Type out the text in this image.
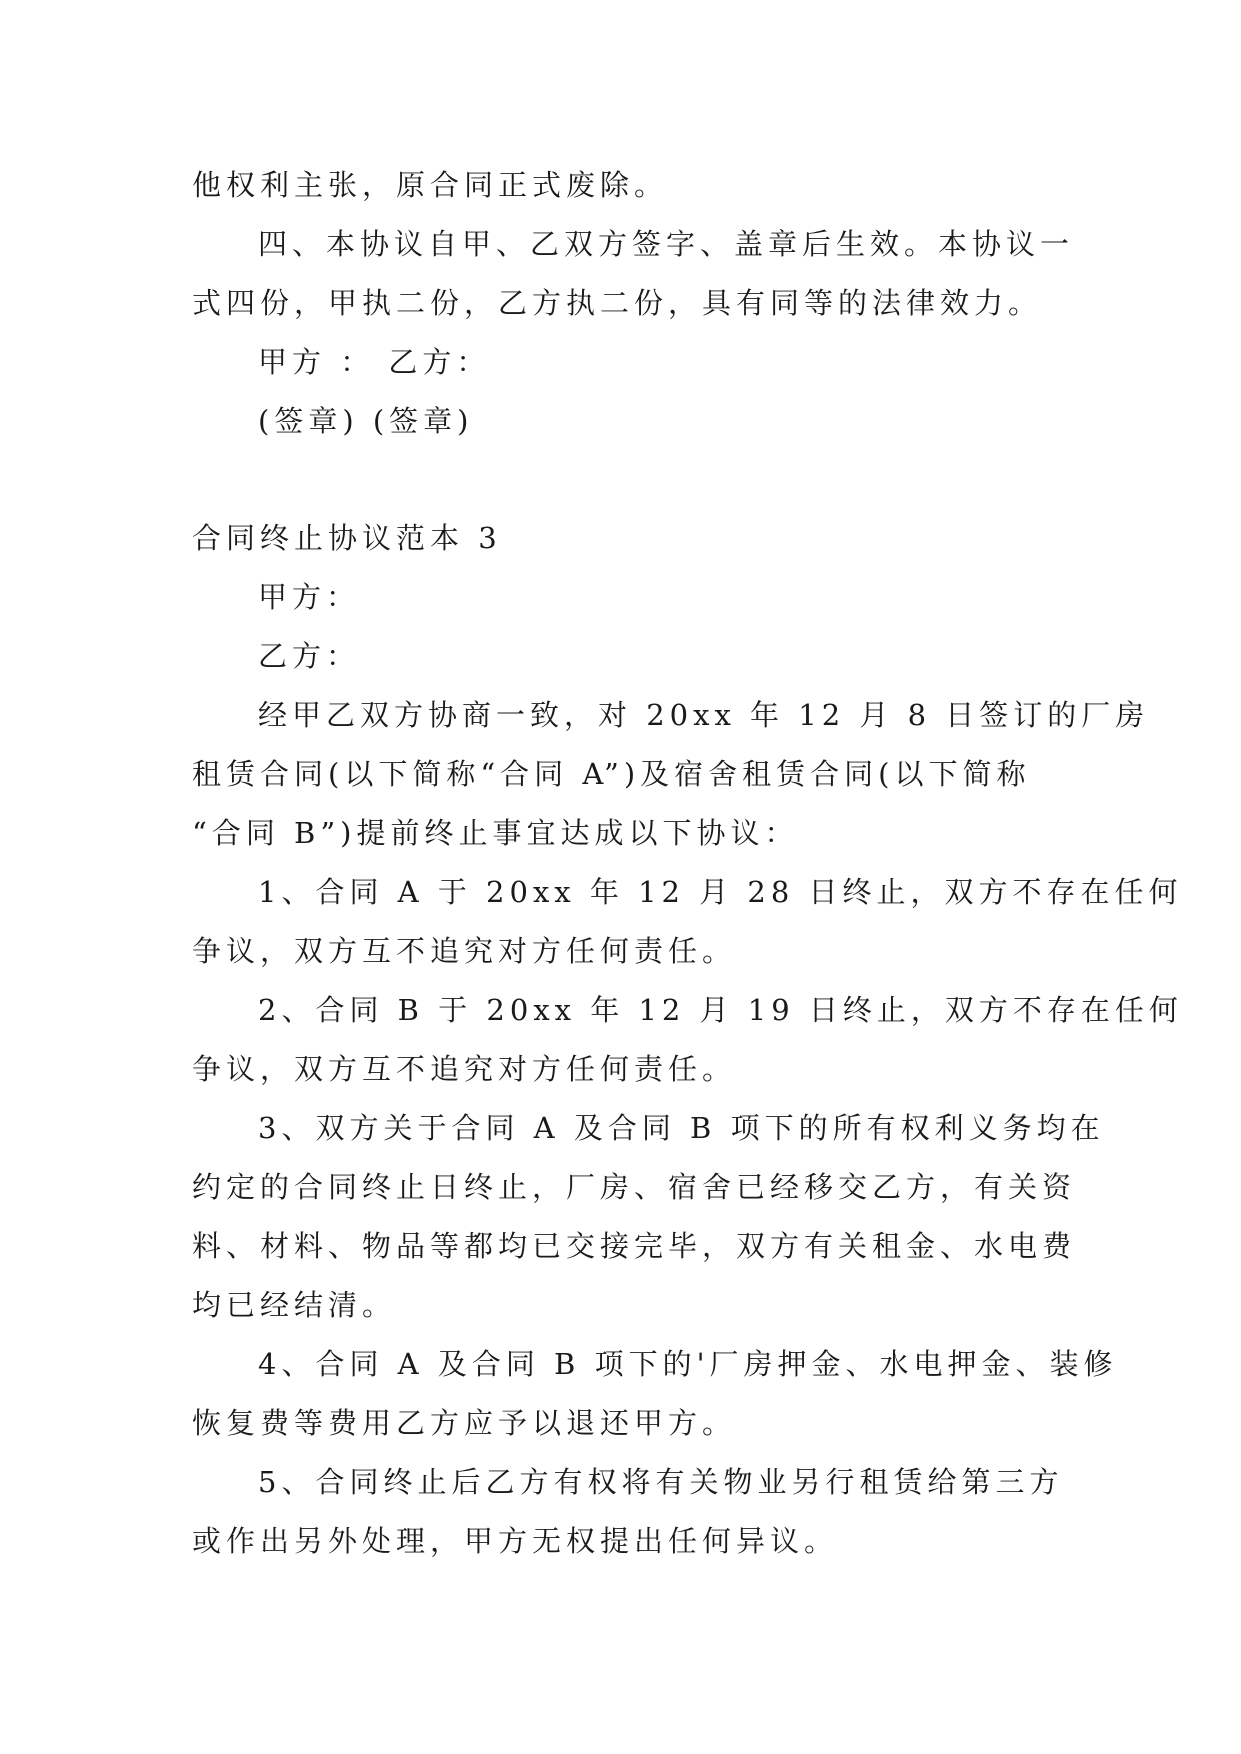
他权利主张，原合同正式废除。
四、本协议自甲、乙双方签字、盖章后生效。本协议一
式四份，甲执二份，乙方执二份，具有同等的法律效力。
甲方 ： 乙方：
(签章) (签章)
合同终止协议范本 3
甲方：
乙方：
经甲乙双方协商一致，对 20xx 年 12 月 8 日签订的厂房
租赁合同(以下简称“合同 A”)及宿舍租赁合同(以下简称
“合同 B”)提前终止事宜达成以下协议：
1、合同 A 于 20xx 年 12 月 28 日终止，双方不存在任何
争议，双方互不追究对方任何责任。
2、合同 B 于 20xx 年 12 月 19 日终止，双方不存在任何
争议，双方互不追究对方任何责任。
3、双方关于合同 A 及合同 B 项下的所有权利义务均在
约定的合同终止日终止，厂房、宿舍已经移交乙方，有关资
料、材料、物品等都均已交接完毕，双方有关租金、水电费
均已经结清。
4、合同 A 及合同 B 项下的'厂房押金、水电押金、装修
恢复费等费用乙方应予以退还甲方。
5、合同终止后乙方有权将有关物业另行租赁给第三方
或作出另外处理，甲方无权提出任何异议。
